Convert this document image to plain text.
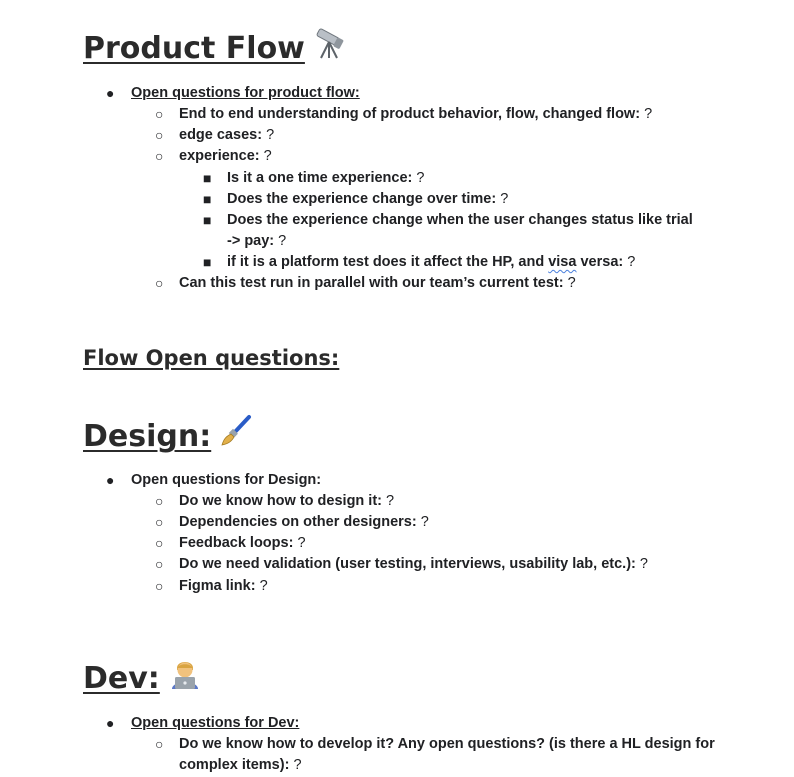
Product Flow
● Open questions for product flow:
○ End to end understanding of product behavior, flow, changed flow: ?
○ edge cases: ?
○ experience: ?
■ Is it a one time experience: ?
■ Does the experience change over time: ?
■ Does the experience change when the user changes status like trial
-> pay: ?
■ if it is a platform test does it affect the HP, and visa versa: ?
○ Can this test run in parallel with our team’s current test: ?
Flow Open questions:
Design:
● Open questions for Design:
○ Do we know how to design it: ?
○ Dependencies on other designers: ?
○ Feedback loops: ?
○ Do we need validation (user testing, interviews, usability lab, etc.): ?
○ Figma link: ?
Dev:
● Open questions for Dev:
○ Do we know how to develop it? Any open questions? (is there a HL design for
complex items): ?
